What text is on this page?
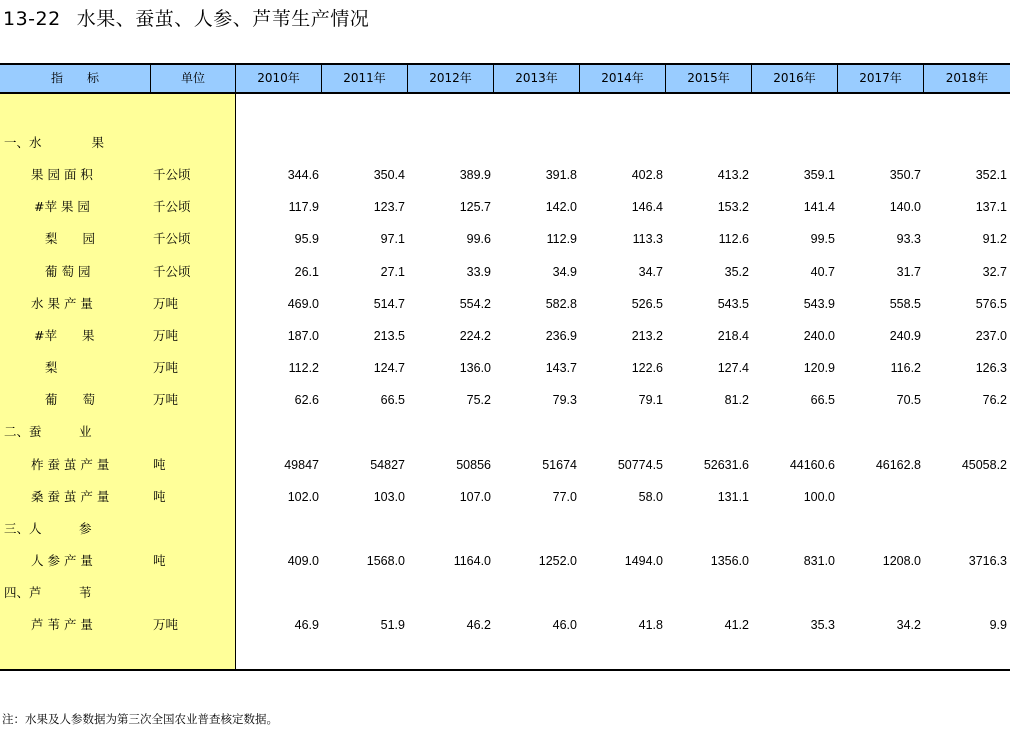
13-22 水果、蚕茧、人参、芦苇生产情况
指　　标	单位	2010年	2011年	2012年	2013年	2014年	2015年	2016年	2017年	2018年
一、水　　　　果
果 园 面 积	千公顷	344.6	350.4	389.9	391.8	402.8	413.2	359.1	350.7	352.1
#苹 果 园	千公顷	117.9	123.7	125.7	142.0	146.4	153.2	141.4	140.0	137.1
梨　　园	千公顷	95.9	97.1	99.6	112.9	113.3	112.6	99.5	93.3	91.2
葡 萄 园	千公顷	26.1	27.1	33.9	34.9	34.7	35.2	40.7	31.7	32.7
水 果 产 量	万吨	469.0	514.7	554.2	582.8	526.5	543.5	543.9	558.5	576.5
#苹　　果	万吨	187.0	213.5	224.2	236.9	213.2	218.4	240.0	240.9	237.0
梨	万吨	112.2	124.7	136.0	143.7	122.6	127.4	120.9	116.2	126.3
葡　　萄	万吨	62.6	66.5	75.2	79.3	79.1	81.2	66.5	70.5	76.2
二、蚕　　　业
柞 蚕 茧 产 量	吨	49847	54827	50856	51674	50774.5	52631.6	44160.6	46162.8	45058.2
桑 蚕 茧 产 量	吨	102.0	103.0	107.0	77.0	58.0	131.1	100.0
三、人　　　参
人 参 产 量	吨	409.0	1568.0	1164.0	1252.0	1494.0	1356.0	831.0	1208.0	3716.3
四、芦　　　苇
芦 苇 产 量	万吨	46.9	51.9	46.2	46.0	41.8	41.2	35.3	34.2	9.9
注：水果及人参数据为第三次全国农业普查核定数据。
